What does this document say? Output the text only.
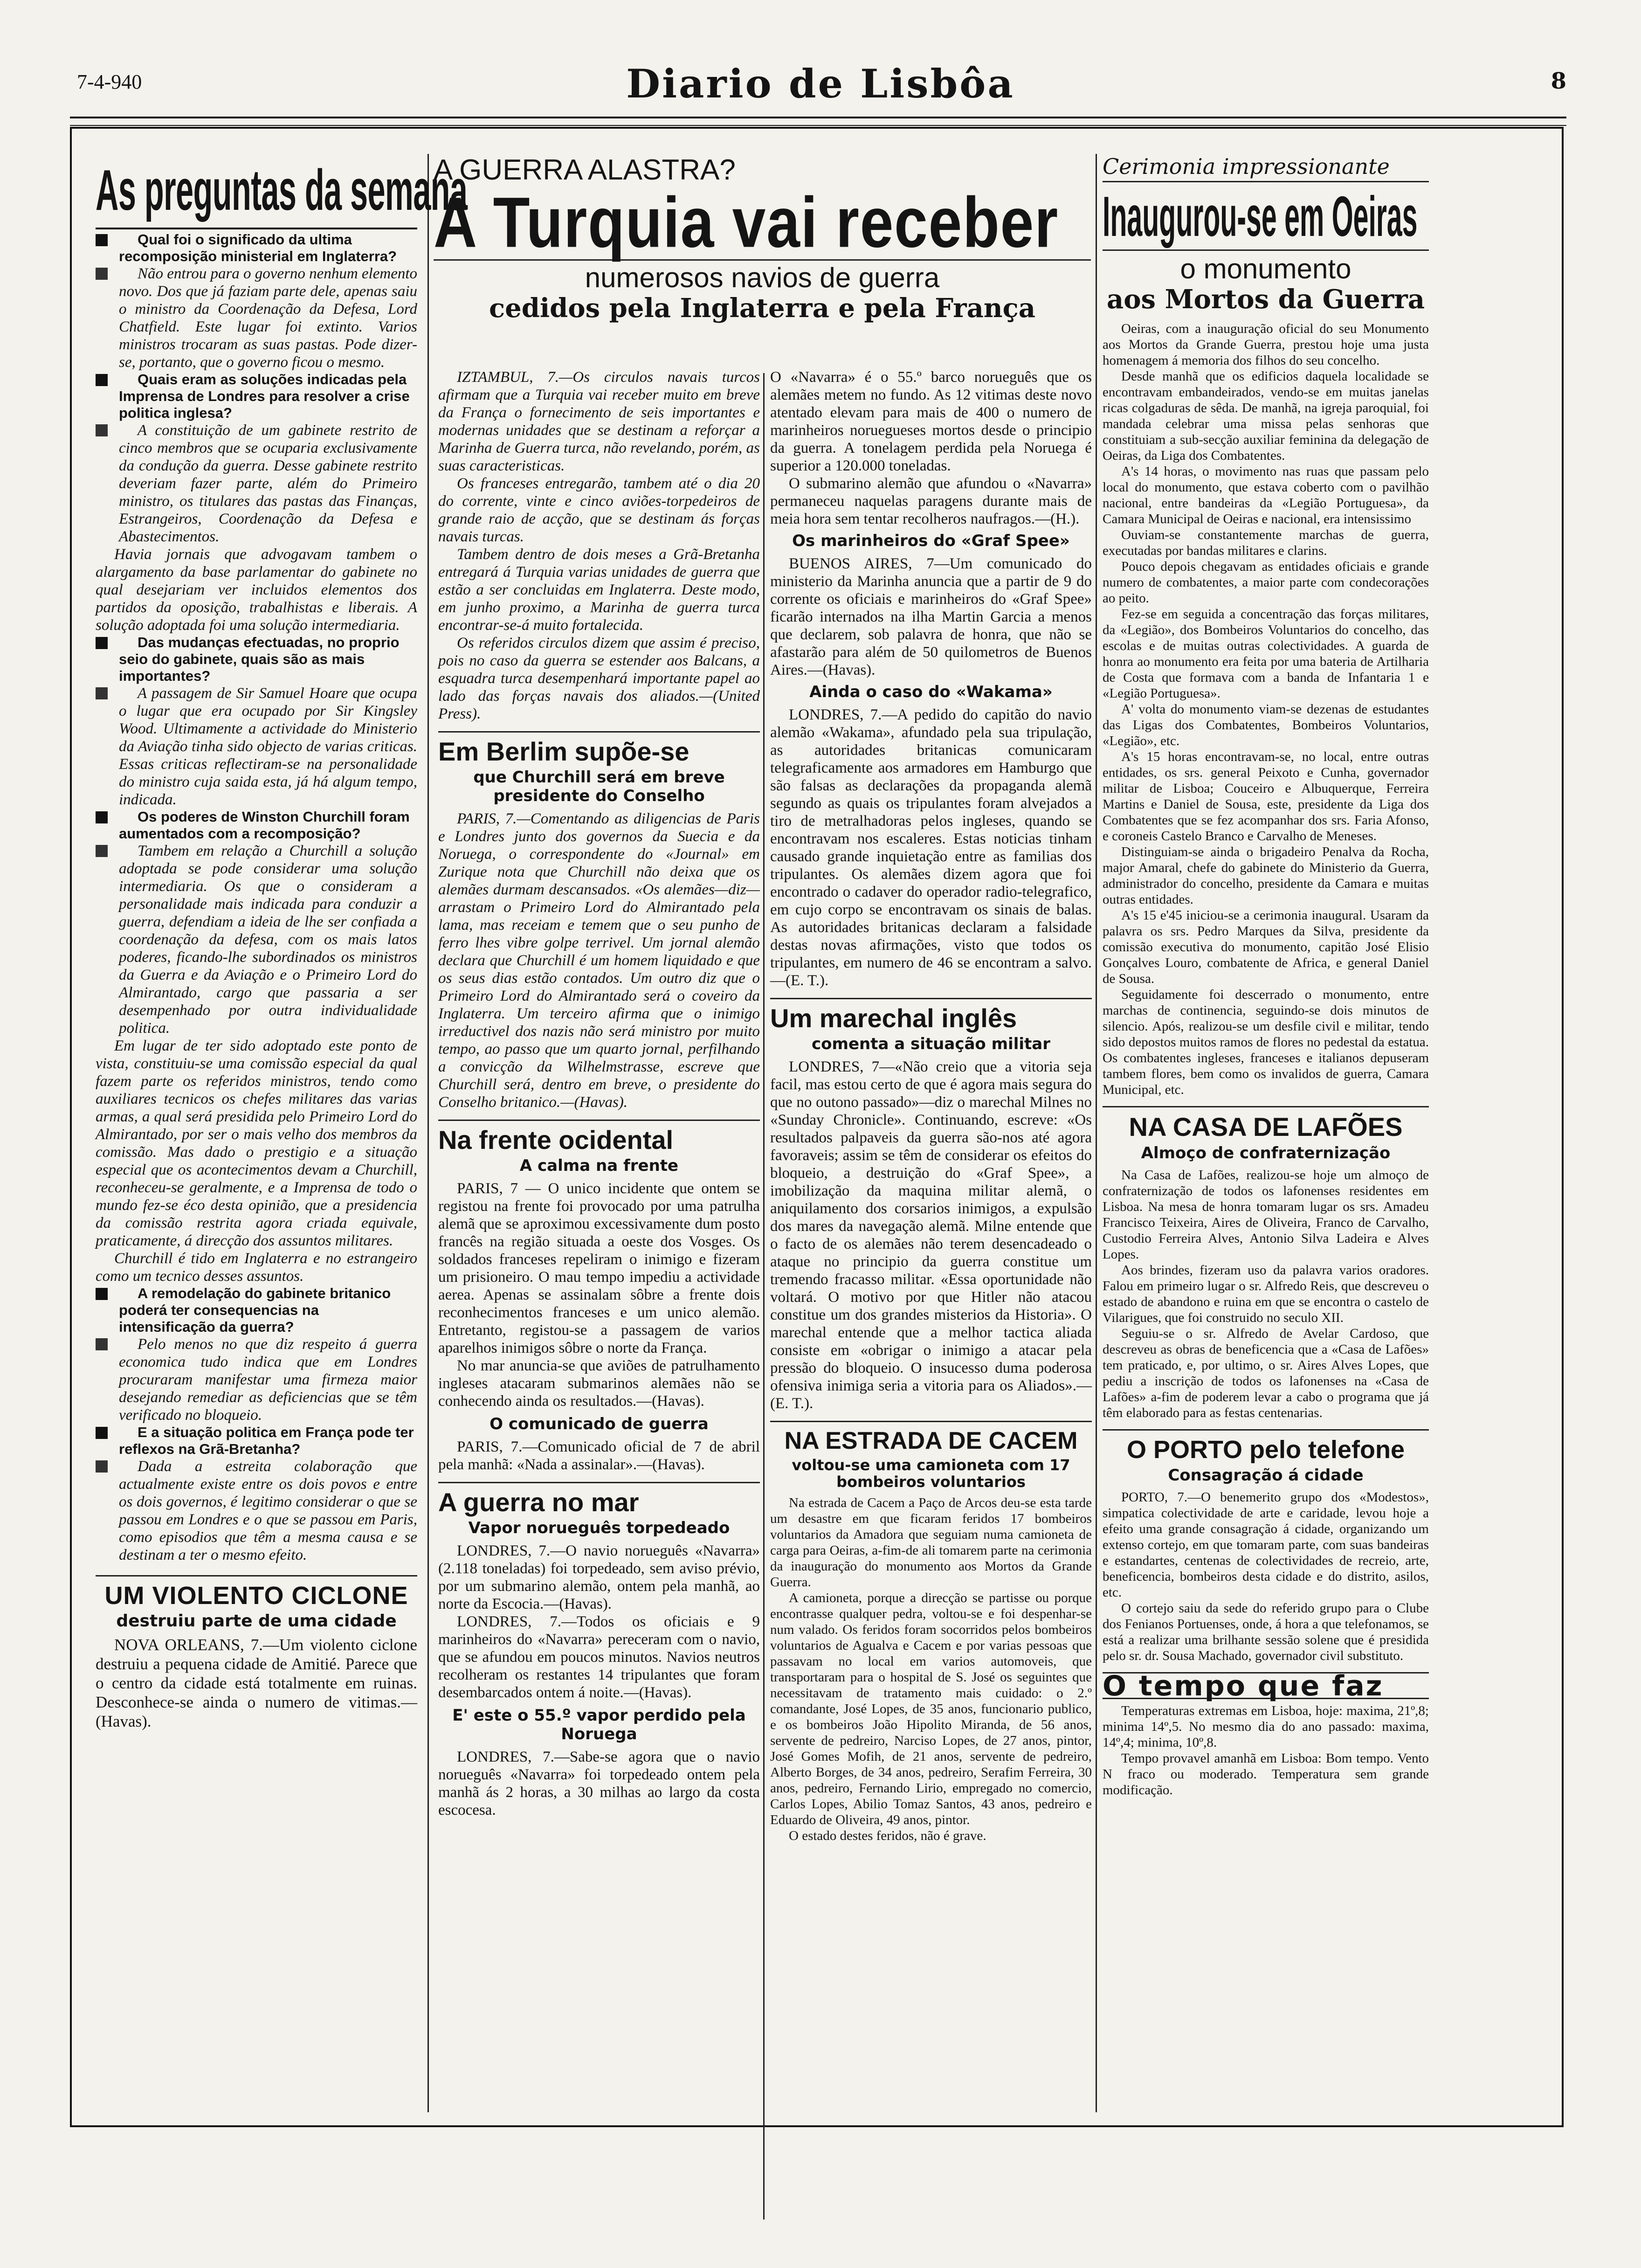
7-4-940	Diario de Lisbôa	8
As preguntas da semana

Qual foi o significado da ultima recomposição ministerial em Inglaterra?

Não entrou para o governo nenhum elemento novo. Dos que já faziam parte dele, apenas saiu o ministro da Coordenação da Defesa, Lord Chatfield. Este lugar foi extinto. Varios ministros trocaram as suas pastas. Pode dizer-se, portanto, que o governo ficou o mesmo.

Quais eram as soluções indicadas pela Imprensa de Londres para resolver a crise politica inglesa?

A constituição de um gabinete restrito de cinco membros que se ocuparia exclusivamente da condução da guerra. Desse gabinete restrito deveriam fazer parte, além do Primeiro ministro, os titulares das pastas das Finanças, Estrangeiros, Coordenação da Defesa e Abastecimentos.

Havia jornais que advogavam tambem o alargamento da base parlamentar do gabinete no qual desejariam ver incluidos elementos dos partidos da oposição, trabalhistas e liberais. A solução adoptada foi uma solução intermediaria.

Das mudanças efectuadas, no proprio seio do gabinete, quais são as mais importantes?

A passagem de Sir Samuel Hoare que ocupa o lugar que era ocupado por Sir Kingsley Wood. Ultimamente a actividade do Ministerio da Aviação tinha sido objecto de varias criticas. Essas criticas reflectiram-se na personalidade do ministro cuja saida esta, já há algum tempo, indicada.

Os poderes de Winston Churchill foram aumentados com a recomposição?

Tambem em relação a Churchill a solução adoptada se pode considerar uma solução intermediaria. Os que o consideram a personalidade mais indicada para conduzir a guerra, defendiam a ideia de lhe ser confiada a coordenação da defesa, com os mais latos poderes, ficando-lhe subordinados os ministros da Guerra e da Aviação e o Primeiro Lord do Almirantado, cargo que passaria a ser desempenhado por outra individualidade politica.

Em lugar de ter sido adoptado este ponto de vista, constituiu-se uma comissão especial da qual fazem parte os referidos ministros, tendo como auxiliares tecnicos os chefes militares das varias armas, a qual será presidida pelo Primeiro Lord do Almirantado, por ser o mais velho dos membros da comissão. Mas dado o prestigio e a situação especial que os acontecimentos devam a Churchill, reconheceu-se geralmente, e a Imprensa de todo o mundo fez-se éco desta opinião, que a presidencia da comissão restrita agora criada equivale, praticamente, á direcção dos assuntos militares.

Churchill é tido em Inglaterra e no estrangeiro como um tecnico desses assuntos.

A remodelação do gabinete britanico poderá ter consequencias na intensificação da guerra?

Pelo menos no que diz respeito á guerra economica tudo indica que em Londres procuraram manifestar uma firmeza maior desejando remediar as deficiencias que se têm verificado no bloqueio.

E a situação politica em França pode ter reflexos na Grã-Bretanha?

Dada a estreita colaboração que actualmente existe entre os dois povos e entre os dois governos, é legitimo considerar o que se passou em Londres e o que se passou em Paris, como episodios que têm a mesma causa e se destinam a ter o mesmo efeito.

UM VIOLENTO CICLONE
destruiu parte de uma cidade

NOVA ORLEANS, 7.—Um violento ciclone destruiu a pequena cidade de Amitié. Parece que o centro da cidade está totalmente em ruinas. Desconhece-se ainda o numero de vitimas.—(Havas).

A GUERRA ALASTRA?
A Turquia vai receber
numerosos navios de guerra
cedidos pela Inglaterra e pela França

IZTAMBUL, 7.—Os circulos navais turcos afirmam que a Turquia vai receber muito em breve da França o fornecimento de seis importantes e modernas unidades que se destinam a reforçar a Marinha de Guerra turca, não revelando, porém, as suas caracteristicas.

Os franceses entregarão, tambem até o dia 20 do corrente, vinte e cinco aviões-torpedeiros de grande raio de acção, que se destinam ás forças navais turcas.

Tambem dentro de dois meses a Grã-Bretanha entregará á Turquia varias unidades de guerra que estão a ser concluidas em Inglaterra. Deste modo, em junho proximo, a Marinha de guerra turca encontrar-se-á muito fortalecida.

Os referidos circulos dizem que assim é preciso, pois no caso da guerra se estender aos Balcans, a esquadra turca desempenhará importante papel ao lado das forças navais dos aliados.—(United Press).

Em Berlim supõe-se
que Churchill será em breve presidente do Conselho

PARIS, 7.—Comentando as diligencias de Paris e Londres junto dos governos da Suecia e da Noruega, o correspondente do «Journal» em Zurique nota que Churchill não deixa que os alemães durmam descansados. «Os alemães—diz—arrastam o Primeiro Lord do Almirantado pela lama, mas receiam e temem que o seu punho de ferro lhes vibre golpe terrivel. Um jornal alemão declara que Churchill é um homem liquidado e que os seus dias estão contados. Um outro diz que o Primeiro Lord do Almirantado será o coveiro da Inglaterra. Um terceiro afirma que o inimigo irreductivel dos nazis não será ministro por muito tempo, ao passo que um quarto jornal, perfilhando a convicção da Wilhelmstrasse, escreve que Churchill será, dentro em breve, o presidente do Conselho britanico.—(Havas).

Na frente ocidental
A calma na frente

PARIS, 7 — O unico incidente que ontem se registou na frente foi provocado por uma patrulha alemã que se aproximou excessivamente dum posto francês na região situada a oeste dos Vosges. Os soldados franceses repeliram o inimigo e fizeram um prisioneiro. O mau tempo impediu a actividade aerea. Apenas se assinalam sôbre a frente dois reconhecimentos franceses e um unico alemão. Entretanto, registou-se a passagem de varios aparelhos inimigos sôbre o norte da França.

No mar anuncia-se que aviões de patrulhamento ingleses atacaram submarinos alemães não se conhecendo ainda os resultados.—(Havas).

O comunicado de guerra

PARIS, 7.—Comunicado oficial de 7 de abril pela manhã: «Nada a assinalar».—(Havas).

A guerra no mar
Vapor norueguês torpedeado

LONDRES, 7.—O navio norueguês «Navarra» (2.118 toneladas) foi torpedeado, sem aviso prévio, por um submarino alemão, ontem pela manhã, ao norte da Escocia.—(Havas).

LONDRES, 7.—Todos os oficiais e 9 marinheiros do «Navarra» pereceram com o navio, que se afundou em poucos minutos. Navios neutros recolheram os restantes 14 tripulantes que foram desembarcados ontem á noite.—(Havas).

E' este o 55.º vapor perdido pela Noruega

LONDRES, 7.—Sabe-se agora que o navio norueguês «Navarra» foi torpedeado ontem pela manhã ás 2 horas, a 30 milhas ao largo da costa escocesa.

O «Navarra» é o 55.º barco norueguês que os alemães metem no fundo. As 12 vitimas deste novo atentado elevam para mais de 400 o numero de marinheiros noruegueses mortos desde o principio da guerra. A tonelagem perdida pela Noruega é superior a 120.000 toneladas.

O submarino alemão que afundou o «Navarra» permaneceu naquelas paragens durante mais de meia hora sem tentar recolheros naufragos.—(H.).

Os marinheiros do «Graf Spee»

BUENOS AIRES, 7—Um comunicado do ministerio da Marinha anuncia que a partir de 9 do corrente os oficiais e marinheiros do «Graf Spee» ficarão internados na ilha Martin Garcia a menos que declarem, sob palavra de honra, que não se afastarão para além de 50 quilometros de Buenos Aires.—(Havas).

Ainda o caso do «Wakama»

LONDRES, 7.—A pedido do capitão do navio alemão «Wakama», afundado pela sua tripulação, as autoridades britanicas comunicaram telegraficamente aos armadores em Hamburgo que são falsas as declarações da propaganda alemã segundo as quais os tripulantes foram alvejados a tiro de metralhadoras pelos ingleses, quando se encontravam nos escaleres. Estas noticias tinham causado grande inquietação entre as familias dos tripulantes. Os alemães dizem agora que foi encontrado o cadaver do operador radio-telegrafico, em cujo corpo se encontravam os sinais de balas. As autoridades britanicas declaram a falsidade destas novas afirmações, visto que todos os tripulantes, em numero de 46 se encontram a salvo.—(E. T.).

Um marechal inglês
comenta a situação militar

LONDRES, 7—«Não creio que a vitoria seja facil, mas estou certo de que é agora mais segura do que no outono passado»—diz o marechal Milnes no «Sunday Chronicle». Continuando, escreve: «Os resultados palpaveis da guerra são-nos até agora favoraveis; assim se têm de considerar os efeitos do bloqueio, a destruição do «Graf Spee», a imobilização da maquina militar alemã, o aniquilamento dos corsarios inimigos, a expulsão dos mares da navegação alemã. Milne entende que o facto de os alemães não terem desencadeado o ataque no principio da guerra constitue um tremendo fracasso militar. «Essa oportunidade não voltará. O motivo por que Hitler não atacou constitue um dos grandes misterios da Historia». O marechal entende que a melhor tactica aliada consiste em «obrigar o inimigo a atacar pela pressão do bloqueio. O insucesso duma poderosa ofensiva inimiga seria a vitoria para os Aliados».—(E. T.).

NA ESTRADA DE CACEM
voltou-se uma camioneta com 17 bombeiros voluntarios

Na estrada de Cacem a Paço de Arcos deu-se esta tarde um desastre em que ficaram feridos 17 bombeiros voluntarios da Amadora que seguiam numa camioneta de carga para Oeiras, a-fim-de ali tomarem parte na cerimonia da inauguração do monumento aos Mortos da Grande Guerra.

A camioneta, porque a direcção se partisse ou porque encontrasse qualquer pedra, voltou-se e foi despenhar-se num valado. Os feridos foram socorridos pelos bombeiros voluntarios de Agualva e Cacem e por varias pessoas que passavam no local em varios automoveis, que transportaram para o hospital de S. José os seguintes que necessitavam de tratamento mais cuidado: o 2.º comandante, José Lopes, de 35 anos, funcionario publico, e os bombeiros João Hipolito Miranda, de 56 anos, servente de pedreiro, Narciso Lopes, de 27 anos, pintor, José Gomes Mofih, de 21 anos, servente de pedreiro, Alberto Borges, de 34 anos, pedreiro, Serafim Ferreira, 30 anos, pedreiro, Fernando Lirio, empregado no comercio, Carlos Lopes, Abilio Tomaz Santos, 43 anos, pedreiro e Eduardo de Oliveira, 49 anos, pintor.

O estado destes feridos, não é grave.

Cerimonia impressionante
Inaugurou-se em Oeiras
o monumento
aos Mortos da Guerra

Oeiras, com a inauguração oficial do seu Monumento aos Mortos da Grande Guerra, prestou hoje uma justa homenagem á memoria dos filhos do seu concelho.

Desde manhã que os edificios daquela localidade se encontravam embandeirados, vendo-se em muitas janelas ricas colgaduras de sêda. De manhã, na igreja paroquial, foi mandada celebrar uma missa pelas senhoras que constituiam a sub-secção auxiliar feminina da delegação de Oeiras, da Liga dos Combatentes.

A's 14 horas, o movimento nas ruas que passam pelo local do monumento, que estava coberto com o pavilhão nacional, entre bandeiras da «Legião Portuguesa», da Camara Municipal de Oeiras e nacional, era intensissimo

Ouviam-se constantemente marchas de guerra, executadas por bandas militares e clarins.

Pouco depois chegavam as entidades oficiais e grande numero de combatentes, a maior parte com condecorações ao peito.

Fez-se em seguida a concentração das forças militares, da «Legião», dos Bombeiros Voluntarios do concelho, das escolas e de muitas outras colectividades. A guarda de honra ao monumento era feita por uma bateria de Artilharia de Costa que formava com a banda de Infantaria 1 e «Legião Portuguesa».

A' volta do monumento viam-se dezenas de estudantes das Ligas dos Combatentes, Bombeiros Voluntarios, «Legião», etc.

A's 15 horas encontravam-se, no local, entre outras entidades, os srs. general Peixoto e Cunha, governador militar de Lisboa; Couceiro e Albuquerque, Ferreira Martins e Daniel de Sousa, este, presidente da Liga dos Combatentes que se fez acompanhar dos srs. Faria Afonso, e coroneis Castelo Branco e Carvalho de Meneses.

Distinguiam-se ainda o brigadeiro Penalva da Rocha, major Amaral, chefe do gabinete do Ministerio da Guerra, administrador do concelho, presidente da Camara e muitas outras entidades.

A's 15 e'45 iniciou-se a cerimonia inaugural. Usaram da palavra os srs. Pedro Marques da Silva, presidente da comissão executiva do monumento, capitão José Elisio Gonçalves Louro, combatente de Africa, e general Daniel de Sousa.

Seguidamente foi descerrado o monumento, entre marchas de continencia, seguindo-se dois minutos de silencio. Após, realizou-se um desfile civil e militar, tendo sido depostos muitos ramos de flores no pedestal da estatua. Os combatentes ingleses, franceses e italianos depuseram tambem flores, bem como os invalidos de guerra, Camara Municipal, etc.

NA CASA DE LAFÕES
Almoço de confraternização

Na Casa de Lafões, realizou-se hoje um almoço de confraternização de todos os lafonenses residentes em Lisboa. Na mesa de honra tomaram lugar os srs. Amadeu Francisco Teixeira, Aires de Oliveira, Franco de Carvalho, Custodio Ferreira Alves, Antonio Silva Ladeira e Alves Lopes.

Aos brindes, fizeram uso da palavra varios oradores. Falou em primeiro lugar o sr. Alfredo Reis, que descreveu o estado de abandono e ruina em que se encontra o castelo de Vilarigues, que foi construido no seculo XII.

Seguiu-se o sr. Alfredo de Avelar Cardoso, que descreveu as obras de beneficencia que a «Casa de Lafões» tem praticado, e, por ultimo, o sr. Aires Alves Lopes, que pediu a inscrição de todos os lafonenses na «Casa de Lafões» a-fim de poderem levar a cabo o programa que já têm elaborado para as festas centenarias.

O PORTO pelo telefone
Consagração á cidade

PORTO, 7.—O benemerito grupo dos «Modestos», simpatica colectividade de arte e caridade, levou hoje a efeito uma grande consagração á cidade, organizando um extenso cortejo, em que tomaram parte, com suas bandeiras e estandartes, centenas de colectividades de recreio, arte, beneficencia, bombeiros desta cidade e do distrito, asilos, etc.

O cortejo saiu da sede do referido grupo para o Clube dos Fenianos Portuenses, onde, á hora a que telefonamos, se está a realizar uma brilhante sessão solene que é presidida pelo sr. dr. Sousa Machado, governador civil substituto.

O tempo que faz

Temperaturas extremas em Lisboa, hoje: maxima, 21º,8; minima 14º,5. No mesmo dia do ano passado: maxima, 14º,4; minima, 10º,8.

Tempo provavel amanhã em Lisboa: Bom tempo. Vento N fraco ou moderado. Temperatura sem grande modificação.
